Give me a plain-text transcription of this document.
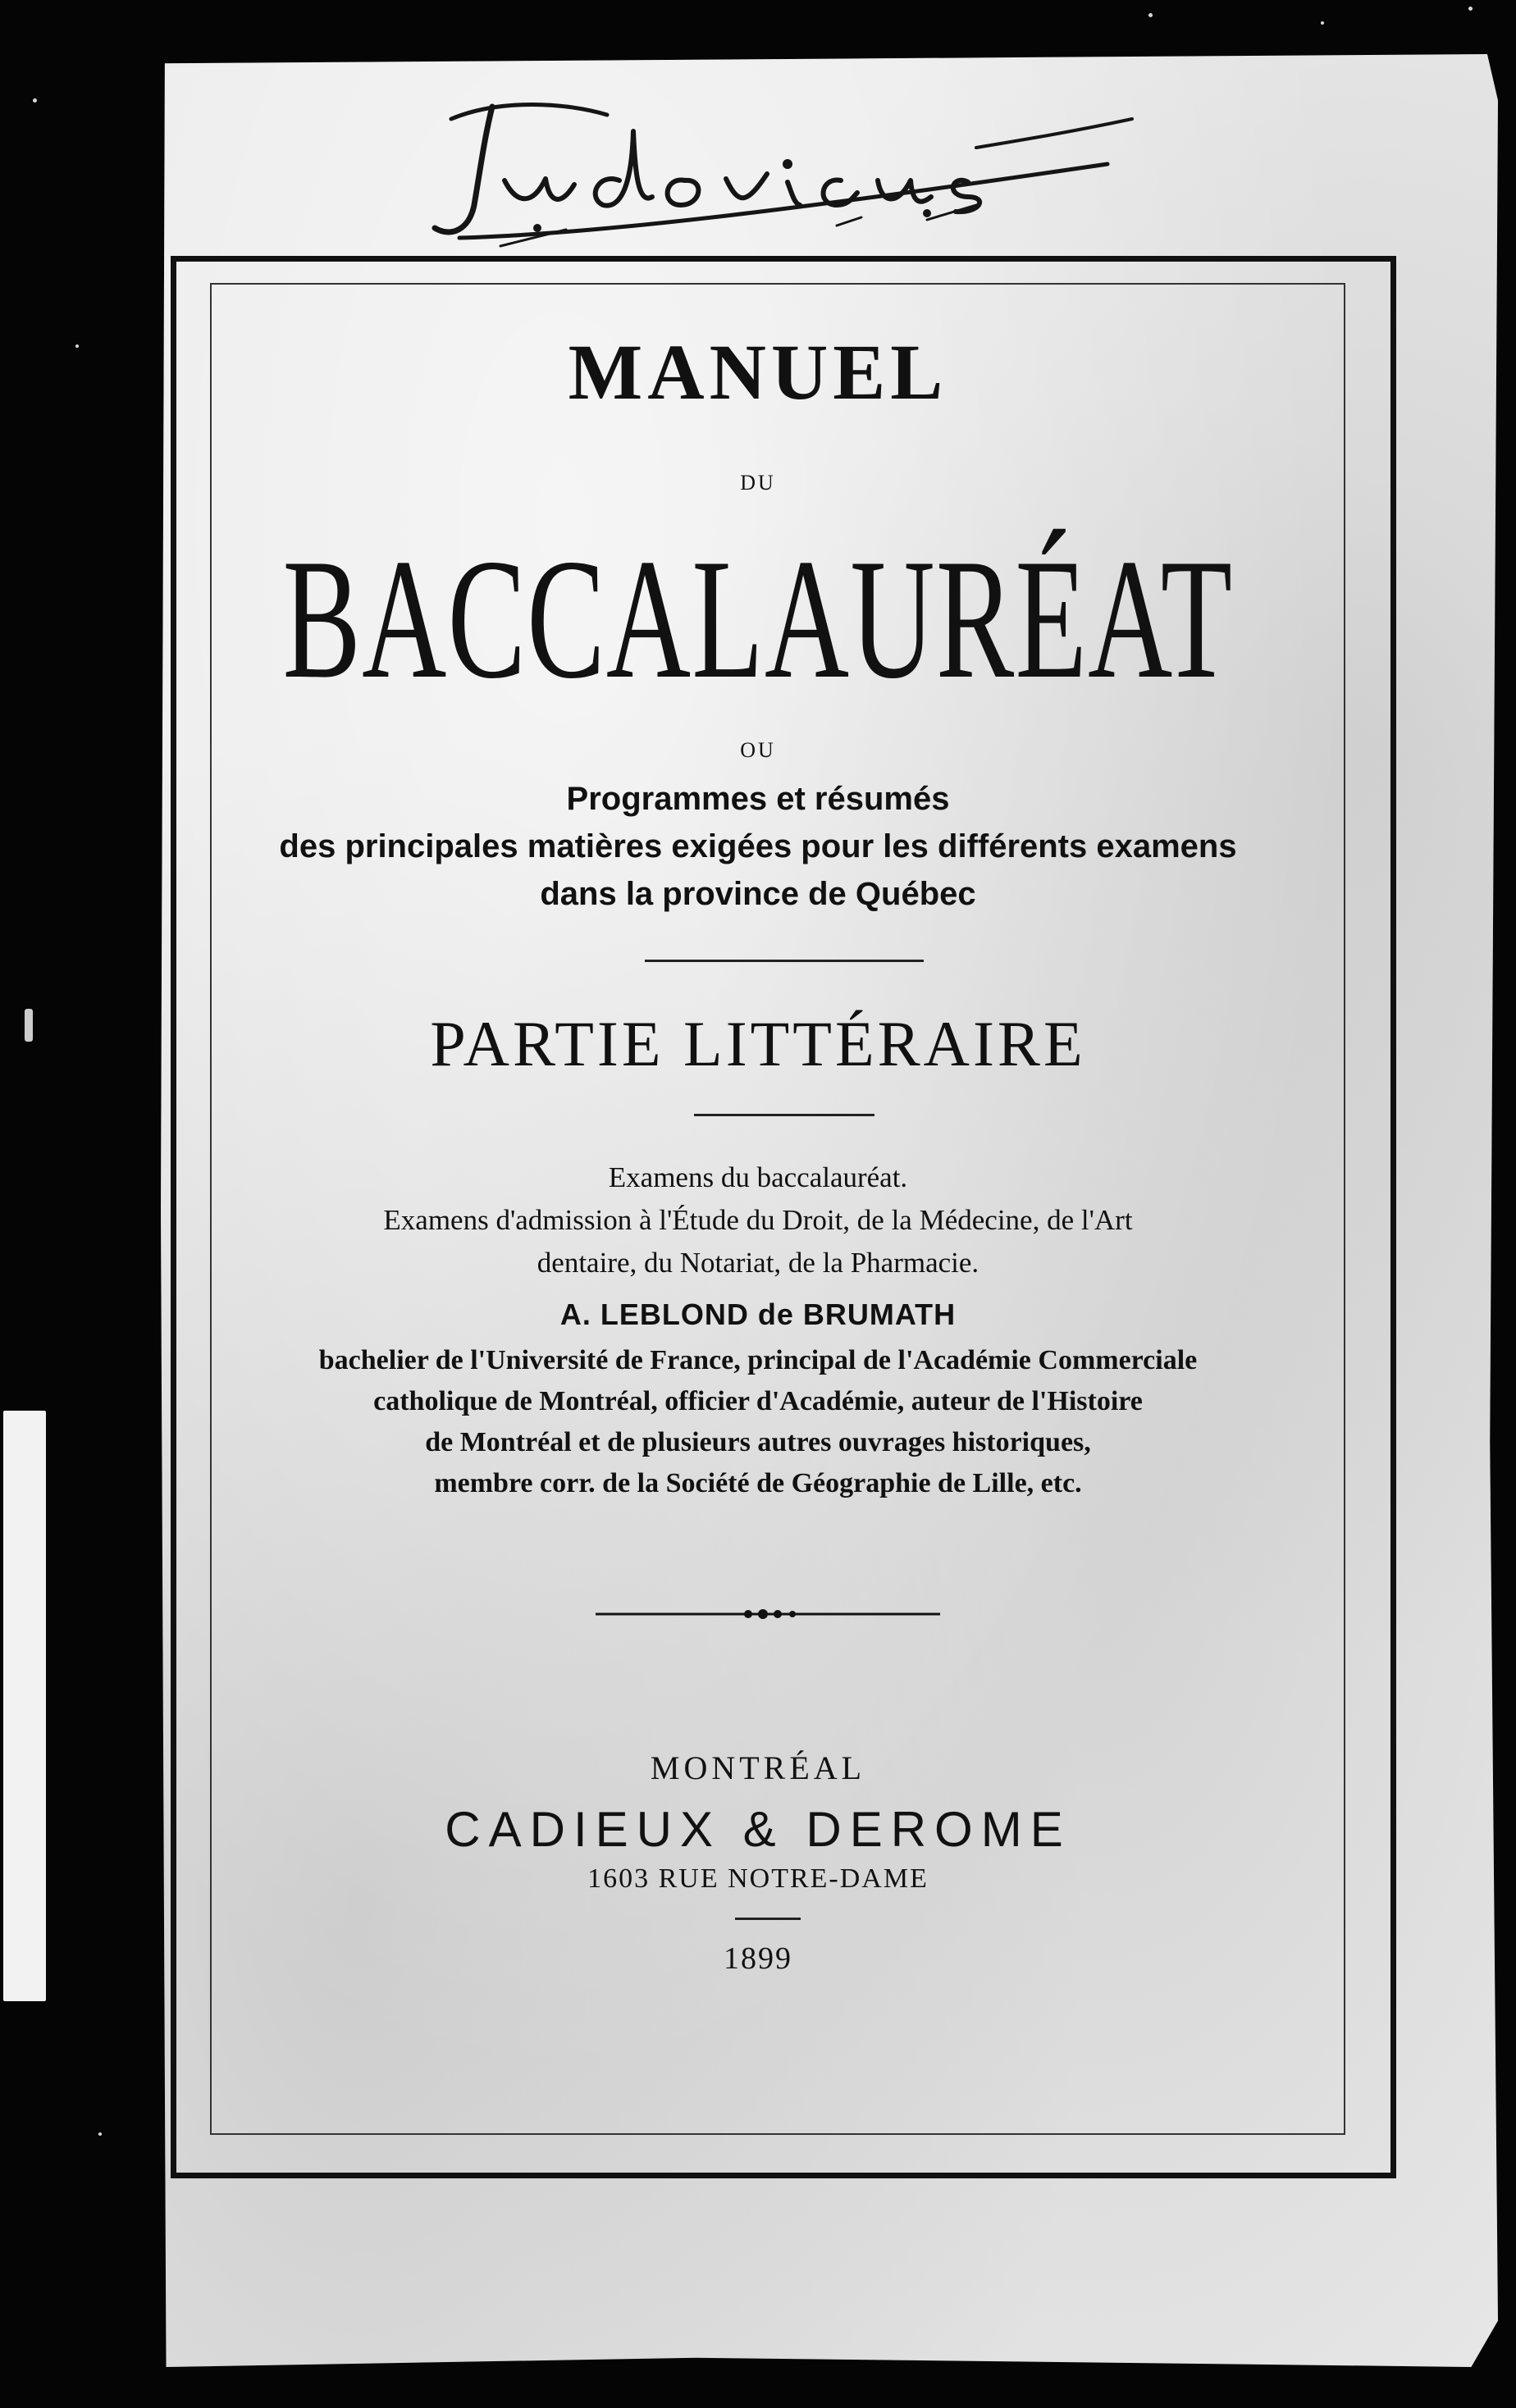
MANUEL
DU
BACCALAURÉAT
OU
Programmes et résumés
des principales matières exigées pour les différents examens
dans la province de Québec
PARTIE LITTÉRAIRE
Examens du baccalauréat.
Examens d'admission à l'Étude du Droit, de la Médecine, de l'Art
dentaire, du Notariat, de la Pharmacie.
A. LEBLOND de BRUMATH
bachelier de l'Université de France, principal de l'Académie Commerciale
catholique de Montréal, officier d'Académie, auteur de l'Histoire
de Montréal et de plusieurs autres ouvrages historiques,
membre corr. de la Société de Géographie de Lille, etc.
MONTRÉAL
CADIEUX & DEROME
1603 RUE NOTRE-DAME
1899
